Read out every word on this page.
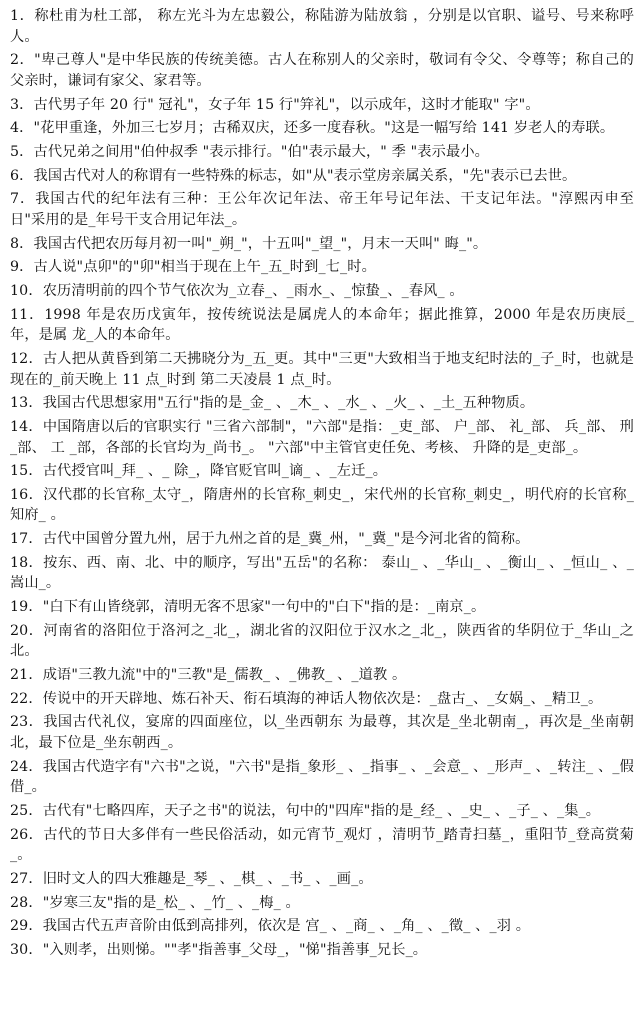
1．称杜甫为杜工部， 称左光斗为左忠毅公，称陆游为陆放翁 ，分别是以官职、谥号、号来称呼人。

2．"卑己尊人"是中华民族的传统美德。古人在称别人的父亲时，敬词有令父、令尊等；称自己的父亲时，谦词有家父、家君等。

3．古代男子年 20 行" 冠礼"，女子年 15 行"笄礼"，以示成年，这时才能取" 字"。

4．"花甲重逢，外加三七岁月；古稀双庆，还多一度春秋。"这是一幅写给 141 岁老人的寿联。

5．古代兄弟之间用"伯仲叔季 "表示排行。"伯"表示最大，" 季 "表示最小。

6．我国古代对人的称谓有一些特殊的标志，如"从"表示堂房亲属关系，"先"表示已去世。

7．我国古代的纪年法有三种：王公年次记年法、帝王年号记年法、干支记年法。"淳熙丙申至日"采用的是_年号干支合用记年法_。

8．我国古代把农历每月初一叫"_朔_"，十五叫"_望_"，月末一天叫" 晦_"。

9．古人说"点卯"的"卯"相当于现在上午_五_时到_七_时。

10．农历清明前的四个节气依次为_立春_、_雨水_、_惊蛰_、_春风_ 。

11．1998 年是农历戊寅年，按传统说法是属虎人的本命年；据此推算，2000 年是农历庚辰_年，是属 龙_人的本命年。

12．古人把从黄昏到第二天拂晓分为_五_更。其中"三更"大致相当于地支纪时法的_子_时，也就是现在的_前天晚上 11 点_时到 第二天凌晨 1 点_时。

13．我国古代思想家用"五行"指的是_金_ 、_木_ 、_水_ 、_火_ 、_土_五种物质。

14．中国隋唐以后的官职实行 "三省六部制"，"六部"是指：_吏_部、 户_部、 礼_部、 兵_部、 刑_部、 工 _部，各部的长官均为_尚书_。 "六部"中主管官吏任免、考核、 升降的是_吏部_。

15．古代授官叫_拜_ 、_ 除_，降官贬官叫_谪_ 、_左迁_。

16．汉代郡的长官称_太守_，隋唐州的长官称_刺史_，宋代州的长官称_刺史_，明代府的长官称_知府_ 。

17．古代中国曾分置九州，居于九州之首的是_冀_州，"_冀_"是今河北省的简称。

18．按东、西、南、北、中的顺序，写出"五岳"的名称： 泰山_ 、_华山_ 、_衡山_ 、_恒山_ 、_嵩山_。

19．"白下有山皆绕郭，清明无客不思家"一句中的"白下"指的是：_南京_。

20．河南省的洛阳位于洛河之_北_，湖北省的汉阳位于汉水之_北_，陕西省的华阴位于_华山_之北。

21．成语"三教九流"中的"三教"是_儒教_ 、_佛教_ 、_道教 。

22．传说中的开天辟地、炼石补天、衔石填海的神话人物依次是：_盘古_、_女娲_、_精卫_。

23．我国古代礼仪，宴席的四面座位，以_坐西朝东 为最尊，其次是_坐北朝南_，再次是_坐南朝北，最下位是_坐东朝西_。

24．我国古代造字有"六书"之说，"六书"是指_象形_ 、_指事_ 、_会意_ 、_形声_ 、_转注_ 、_假借_。

25．古代有"七略四库，天子之书"的说法，句中的"四库"指的是_经_ 、_史_ 、_子_ 、_集_。

26．古代的节日大多伴有一些民俗活动，如元宵节_观灯 ，清明节_踏青扫墓_，重阳节_登高赏菊_。

27．旧时文人的四大雅趣是_琴_ 、_棋_ 、_书_ 、_画_。

28．"岁寒三友"指的是_松_ 、_竹_ 、_梅_ 。

29．我国古代五声音阶由低到高排列，依次是 宫_ 、_商_ 、_角_ 、_徵_ 、_羽 。

30．"入则孝，出则悌。""孝"指善事_父母_，"悌"指善事_兄长_。
